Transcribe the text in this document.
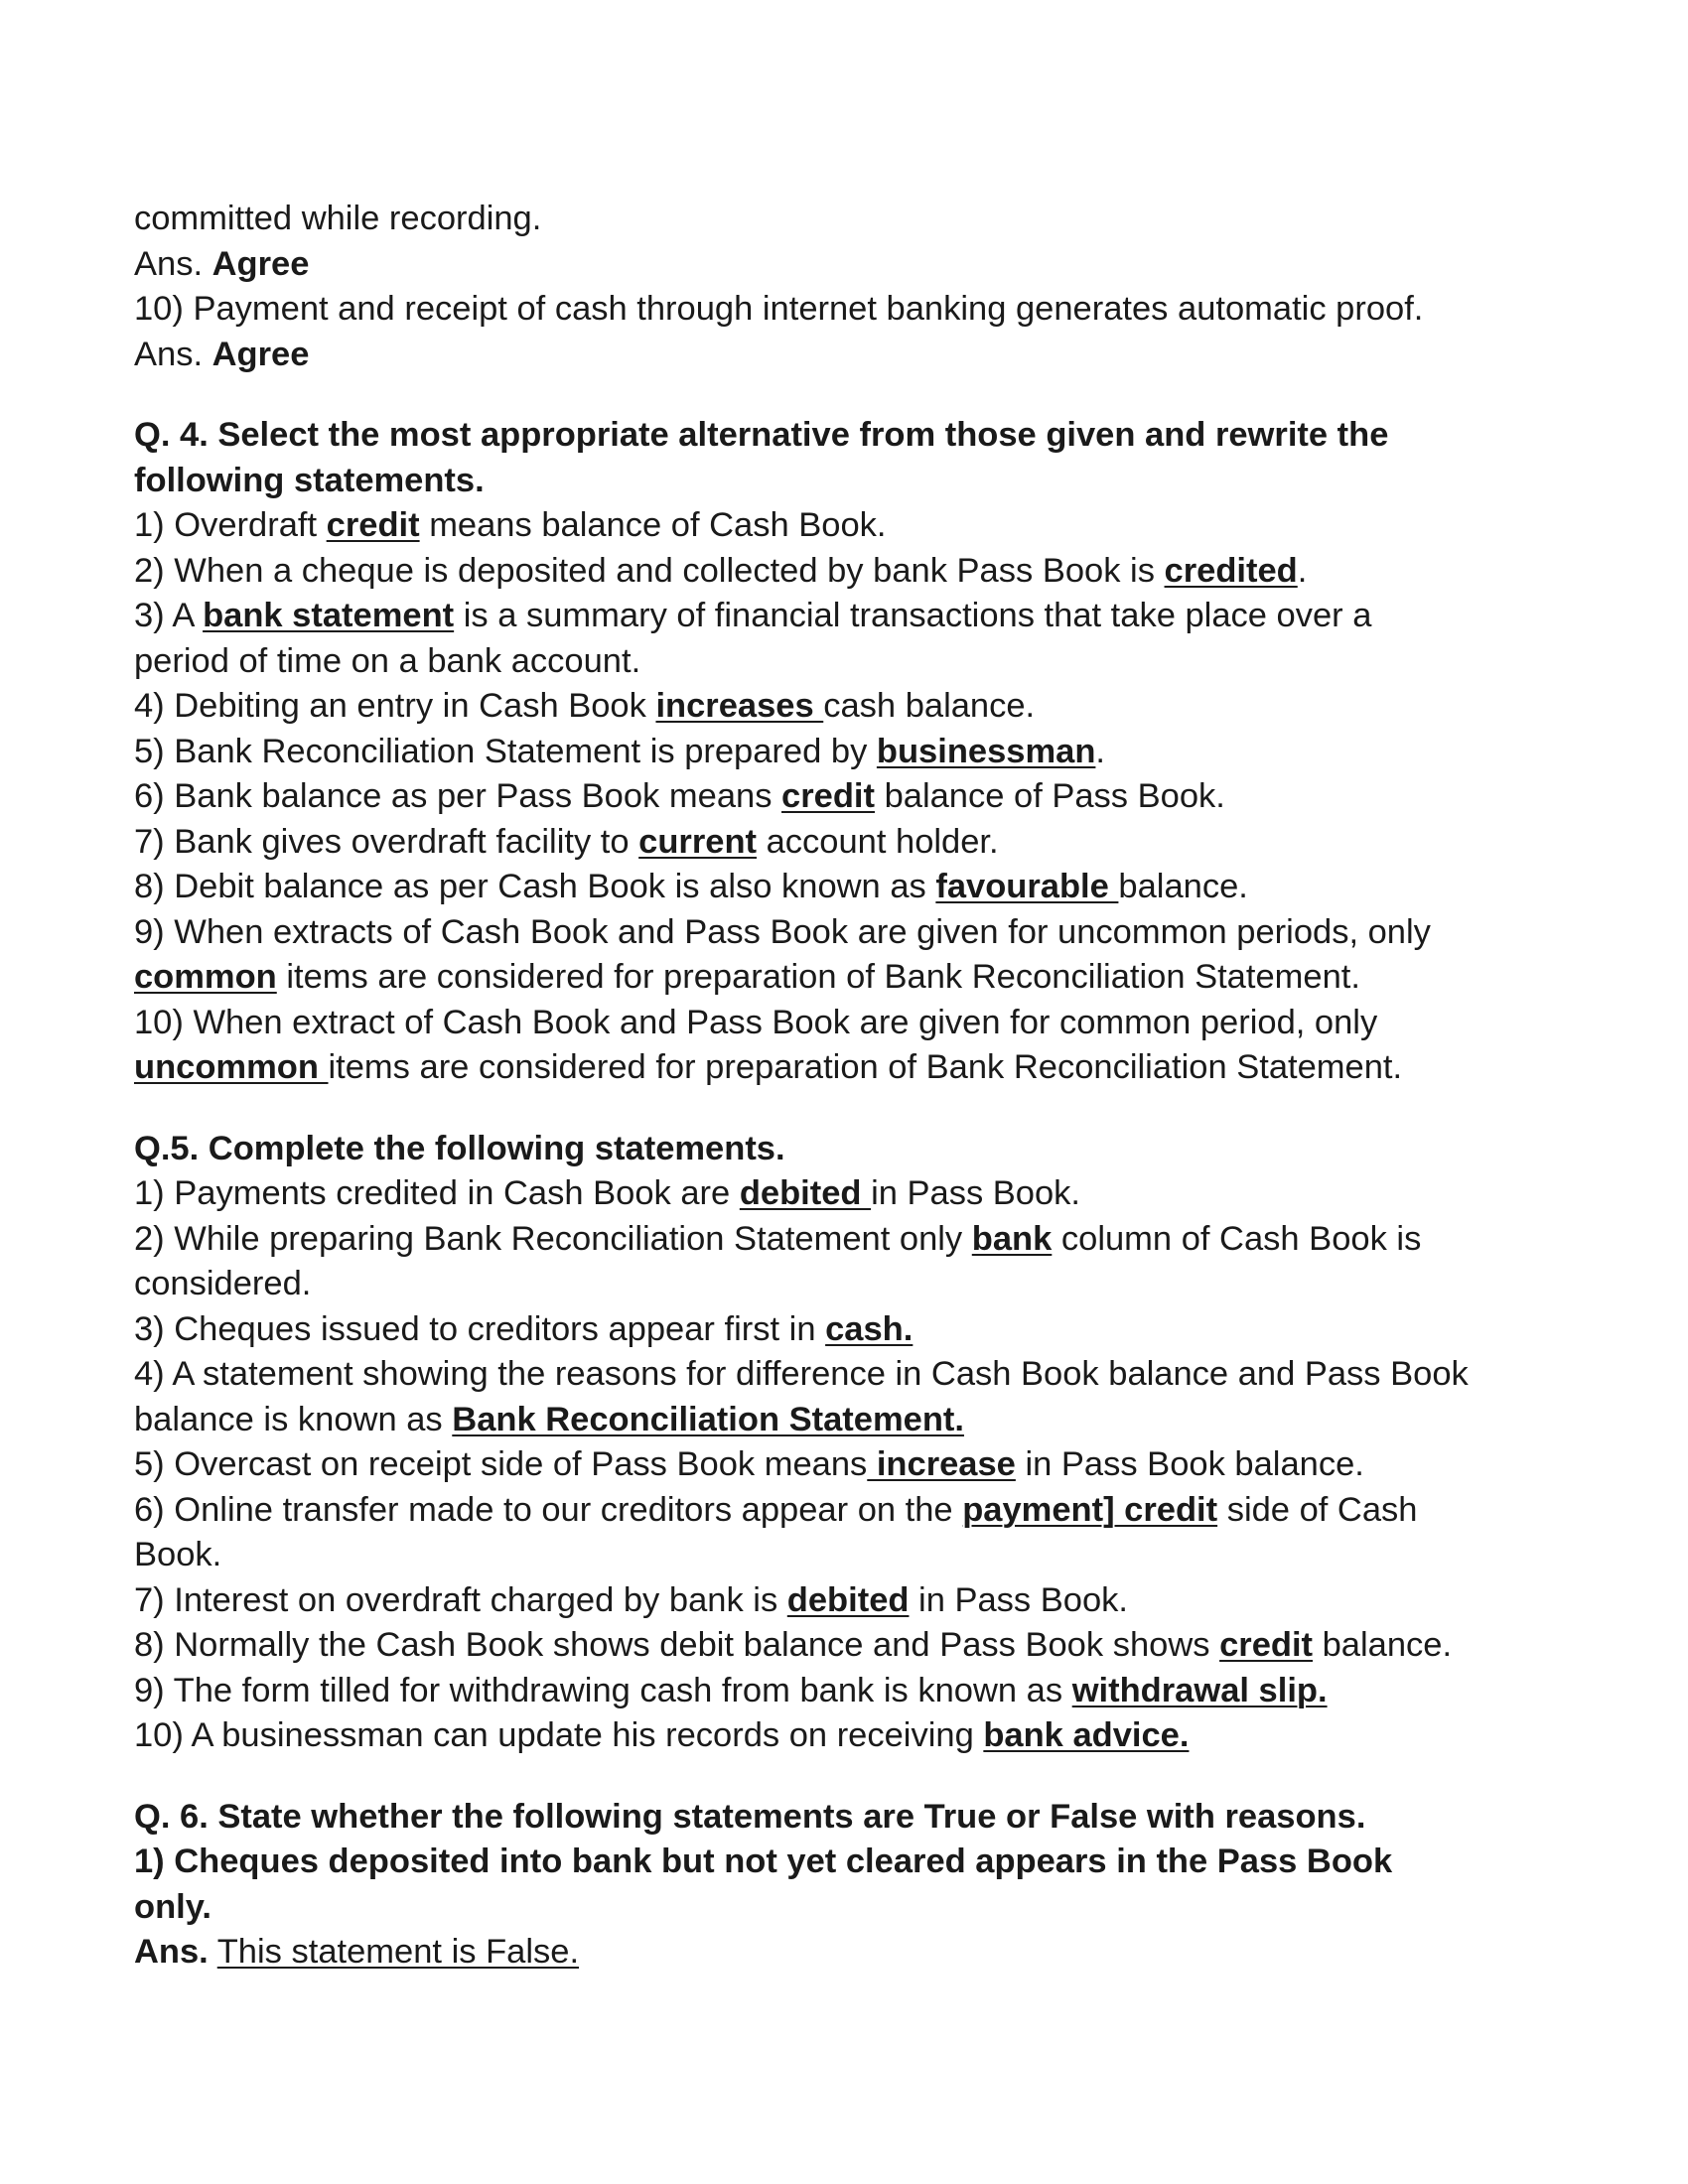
committed while recording.
Ans. Agree
10) Payment and receipt of cash through internet banking generates automatic proof.
Ans. Agree
Q. 4. Select the most appropriate alternative from those given and rewrite the
following statements.
1) Overdraft credit means balance of Cash Book.
2) When a cheque is deposited and collected by bank Pass Book is credited.
3) A bank statement is a summary of financial transactions that take place over a
period of time on a bank account.
4) Debiting an entry in Cash Book increases cash balance.
5) Bank Reconciliation Statement is prepared by businessman.
6) Bank balance as per Pass Book means credit balance of Pass Book.
7) Bank gives overdraft facility to current account holder.
8) Debit balance as per Cash Book is also known as favourable balance.
9) When extracts of Cash Book and Pass Book are given for uncommon periods, only
common items are considered for preparation of Bank Reconciliation Statement.
10) When extract of Cash Book and Pass Book are given for common period, only
uncommon items are considered for preparation of Bank Reconciliation Statement.
Q.5. Complete the following statements.
1) Payments credited in Cash Book are debited in Pass Book.
2) While preparing Bank Reconciliation Statement only bank column of Cash Book is
considered.
3) Cheques issued to creditors appear first in cash.
4) A statement showing the reasons for difference in Cash Book balance and Pass Book
balance is known as Bank Reconciliation Statement.
5) Overcast on receipt side of Pass Book means increase in Pass Book balance.
6) Online transfer made to our creditors appear on the payment] credit side of Cash
Book.
7) Interest on overdraft charged by bank is debited in Pass Book.
8) Normally the Cash Book shows debit balance and Pass Book shows credit balance.
9) The form tilled for withdrawing cash from bank is known as withdrawal slip.
10) A businessman can update his records on receiving bank advice.
Q. 6. State whether the following statements are True or False with reasons.
1) Cheques deposited into bank but not yet cleared appears in the Pass Book
only.
Ans. This statement is False.
